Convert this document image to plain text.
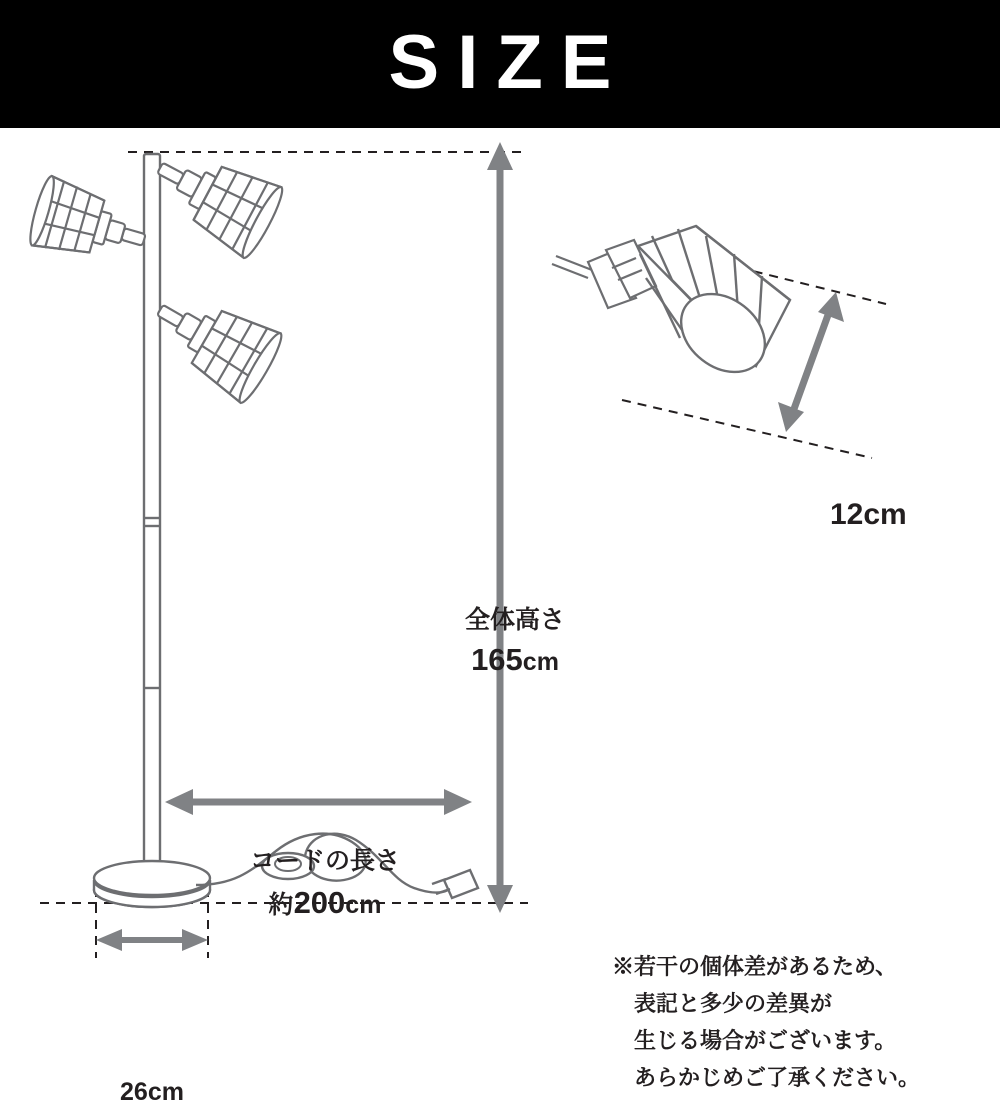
SIZE
全体高さ
165cm
コードの長さ
約200cm
26cm
12cm
※若干の個体差があるため、
表記と多少の差異が
生じる場合がございます。
あらかじめご了承ください。
